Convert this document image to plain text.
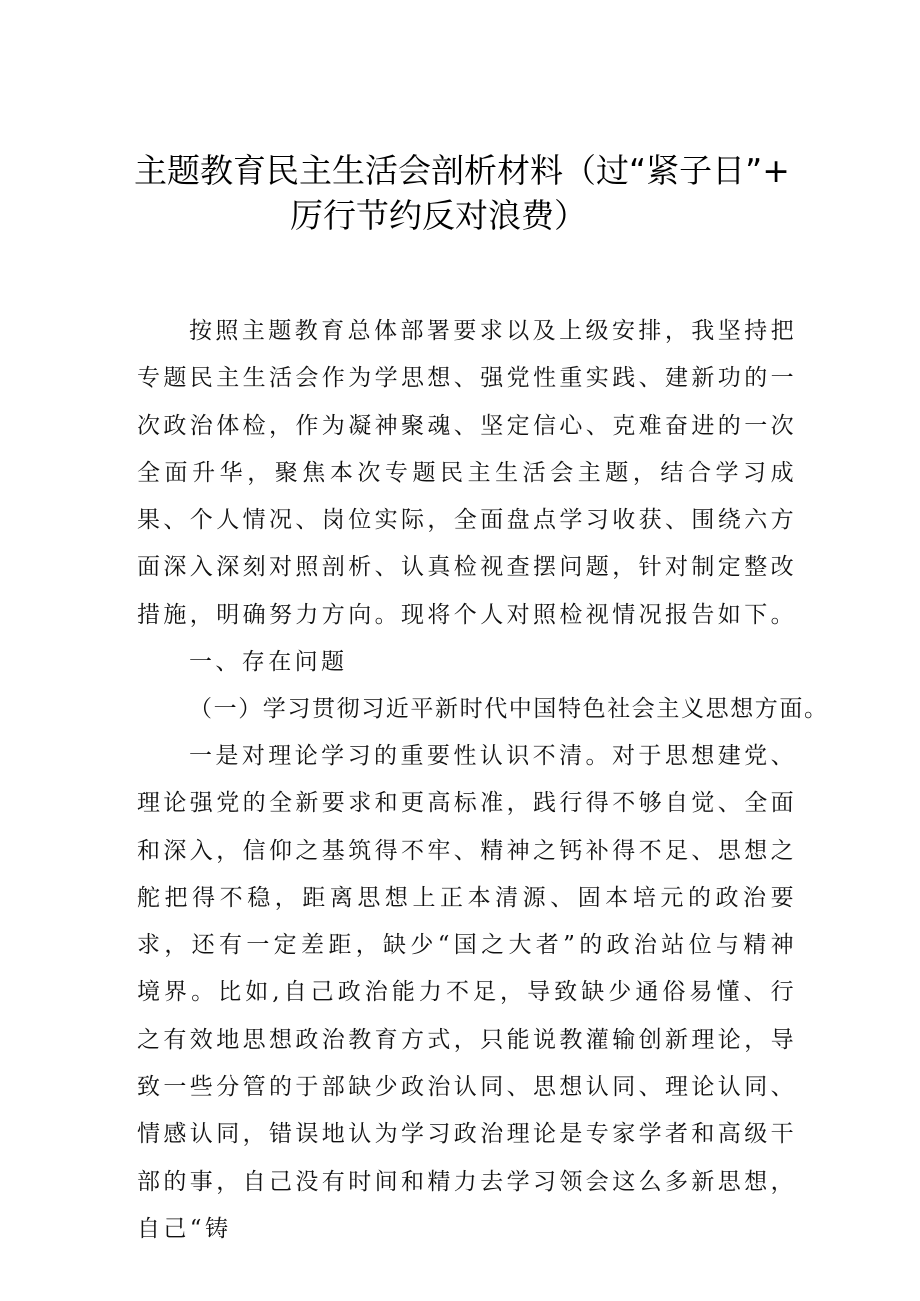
主题教育民主生活会剖析材料（过“紧子日”+
厉行节约反对浪费）

按照主题教育总体部署要求以及上级安排，我坚持把专题民主生活会作为学思想、强党性重实践、建新功的一次政治体检，作为凝神聚魂、坚定信心、克难奋进的一次全面升华，聚焦本次专题民主生活会主题，结合学习成果、个人情况、岗位实际，全面盘点学习收获、围绕六方面深入深刻对照剖析、认真检视查摆问题，针对制定整改措施，明确努力方向。现将个人对照检视情况报告如下。

一、存在问题

（一）学习贯彻习近平新时代中国特色社会主义思想方面。

一是对理论学习的重要性认识不清。对于思想建党、理论强党的全新要求和更高标准，践行得不够自觉、全面和深入，信仰之基筑得不牢、精神之钙补得不足、思想之舵把得不稳，距离思想上正本清源、固本培元的政治要求，还有一定差距，缺少“国之大者”的政治站位与精神境界。比如,自己政治能力不足，导致缺少通俗易懂、行之有效地思想政治教育方式，只能说教灌输创新理论，导致一些分管的于部缺少政治认同、思想认同、理论认同、情感认同，错误地认为学习政治理论是专家学者和高级干部的事，自己没有时间和精力去学习领会这么多新思想，自己“铸
